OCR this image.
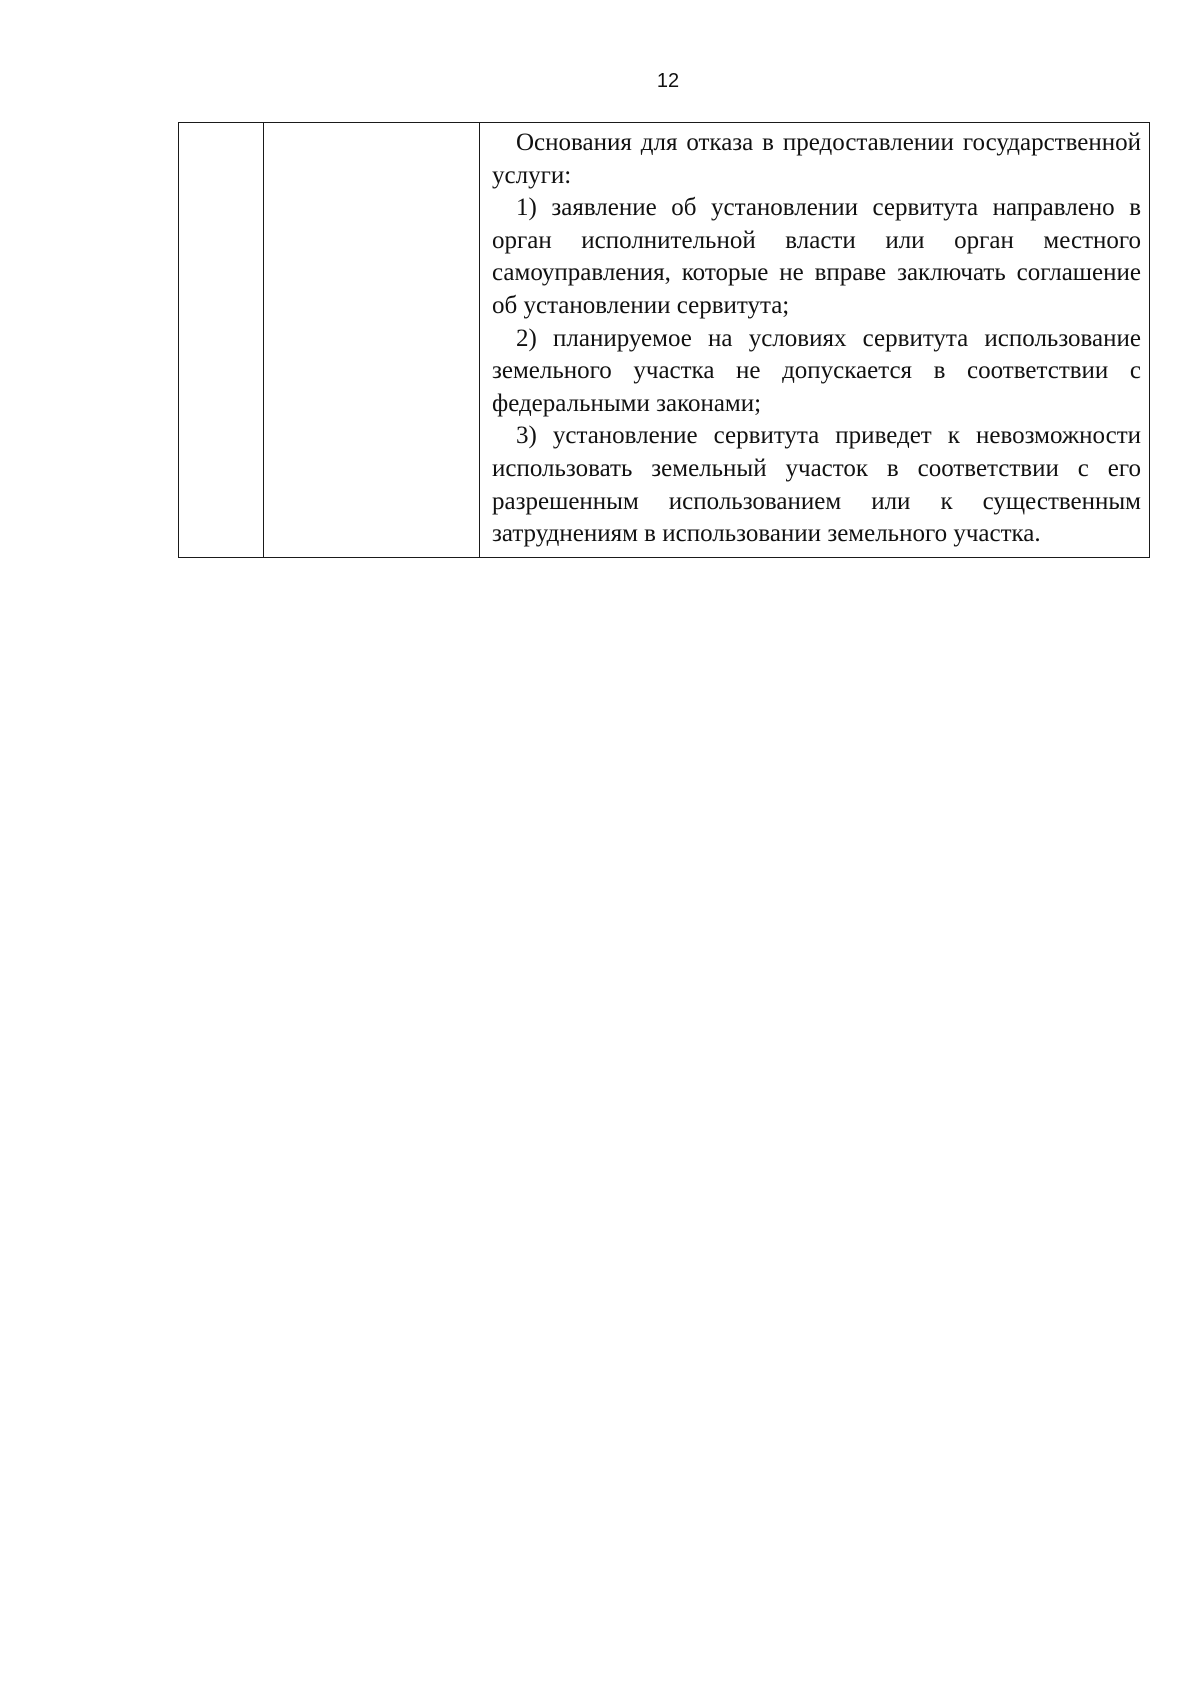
12

Основания для отказа в предоставлении государственной услуги:

1) заявление об установлении сервитута направлено в орган исполнительной власти или орган местного самоуправления, которые не вправе заключать соглашение об установлении сервитута;

2) планируемое на условиях сервитута использование земельного участка не допускается в соответствии с федеральными законами;

3) установление сервитута приведет к невозможности использовать земельный участок в соответствии с его разрешенным использованием или к существенным затруднениям в использовании земельного участка.
